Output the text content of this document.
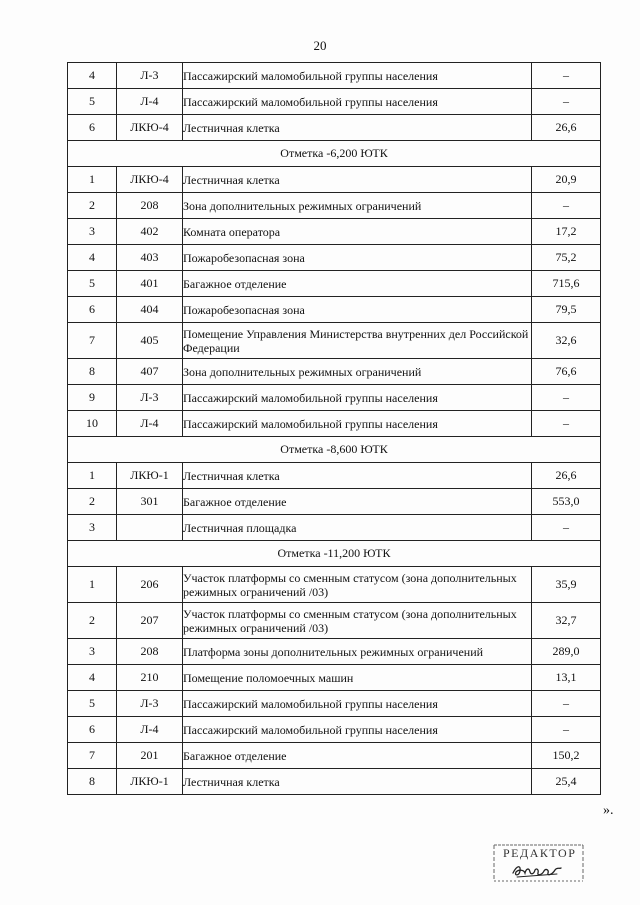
20
4	Л-3	Пассажирский маломобильной группы населения	–
5	Л-4	Пассажирский маломобильной группы населения	–
6	ЛКЮ-4	Лестничная клетка	26,6
Отметка -6,200 ЮТК			
1	ЛКЮ-4	Лестничная клетка	20,9
2	208	Зона дополнительных режимных ограничений	–
3	402	Комната оператора	17,2
4	403	Пожаробезопасная зона	75,2
5	401	Багажное отделение	715,6
6	404	Пожаробезопасная зона	79,5
7	405	Помещение Управления Министерства внутренних дел Российской Федерации	32,6
8	407	Зона дополнительных режимных ограничений	76,6
9	Л-3	Пассажирский маломобильной группы населения	–
10	Л-4	Пассажирский маломобильной группы населения	–
Отметка -8,600 ЮТК			
1	ЛКЮ-1	Лестничная клетка	26,6
2	301	Багажное отделение	553,0
3		Лестничная площадка	–
Отметка -11,200 ЮТК			
1	206	Участок платформы со сменным статусом (зона дополнительных режимных ограничений /03)	35,9
2	207	Участок платформы со сменным статусом (зона дополнительных режимных ограничений /03)	32,7
3	208	Платформа зоны дополнительных режимных ограничений	289,0
4	210	Помещение поломоечных машин	13,1
5	Л-3	Пассажирский маломобильной группы населения	–
6	Л-4	Пассажирский маломобильной группы населения	–
7	201	Багажное отделение	150,2
8	ЛКЮ-1	Лестничная клетка	25,4
».
РЕДАКТОР
